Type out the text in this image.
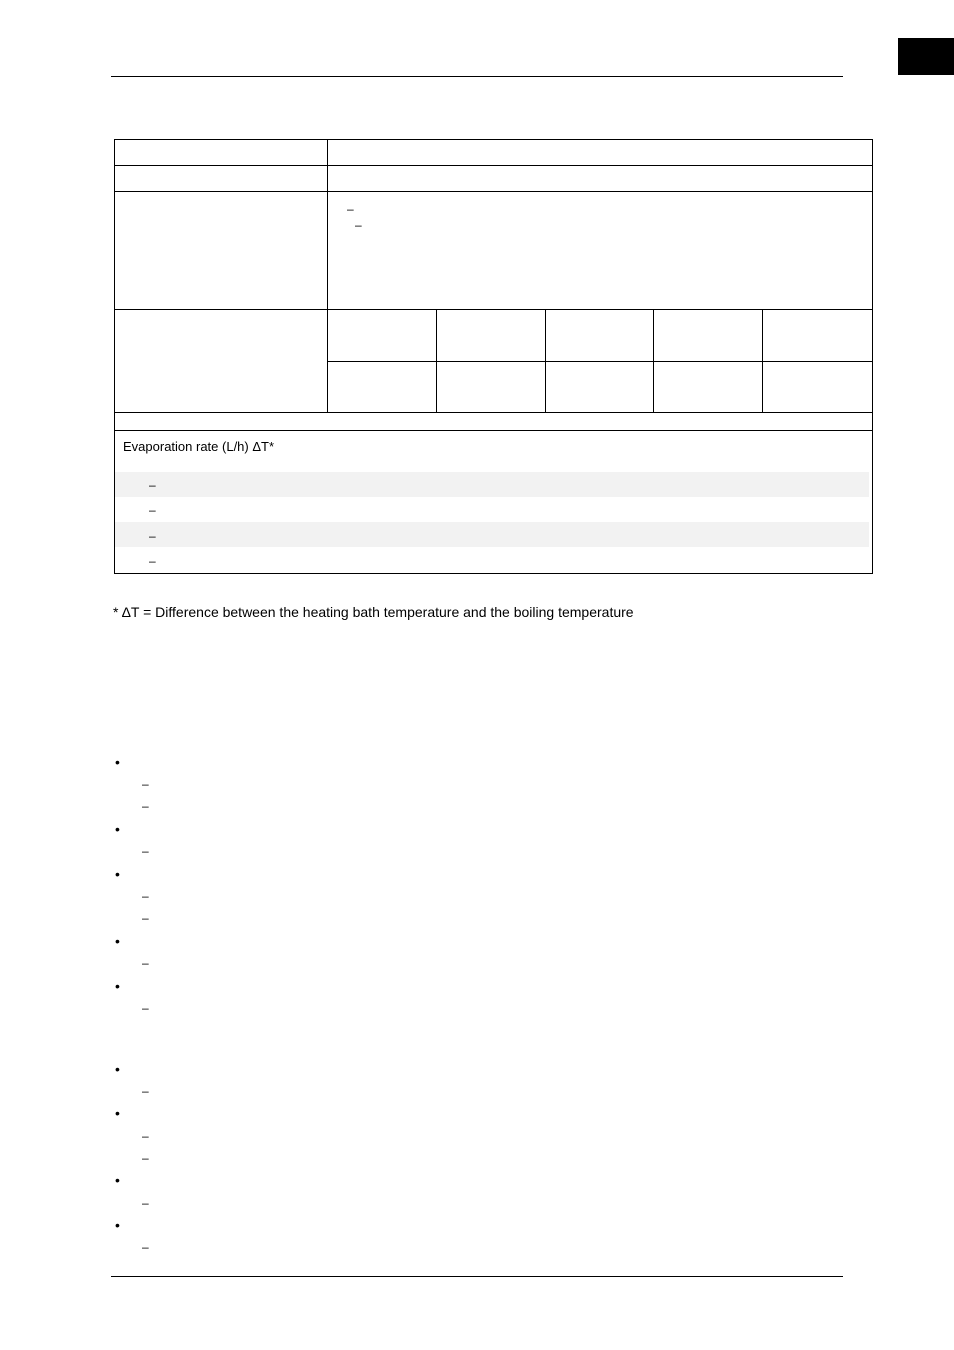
–
–
Evaporation rate (L/h) ΔT*
–
–
–
–
* ΔT = Difference between the heating bath temperature and the boiling temperature
•
–
–
•
–
•
–
–
•
–
•
–
•
–
•
–
–
•
–
•
–
